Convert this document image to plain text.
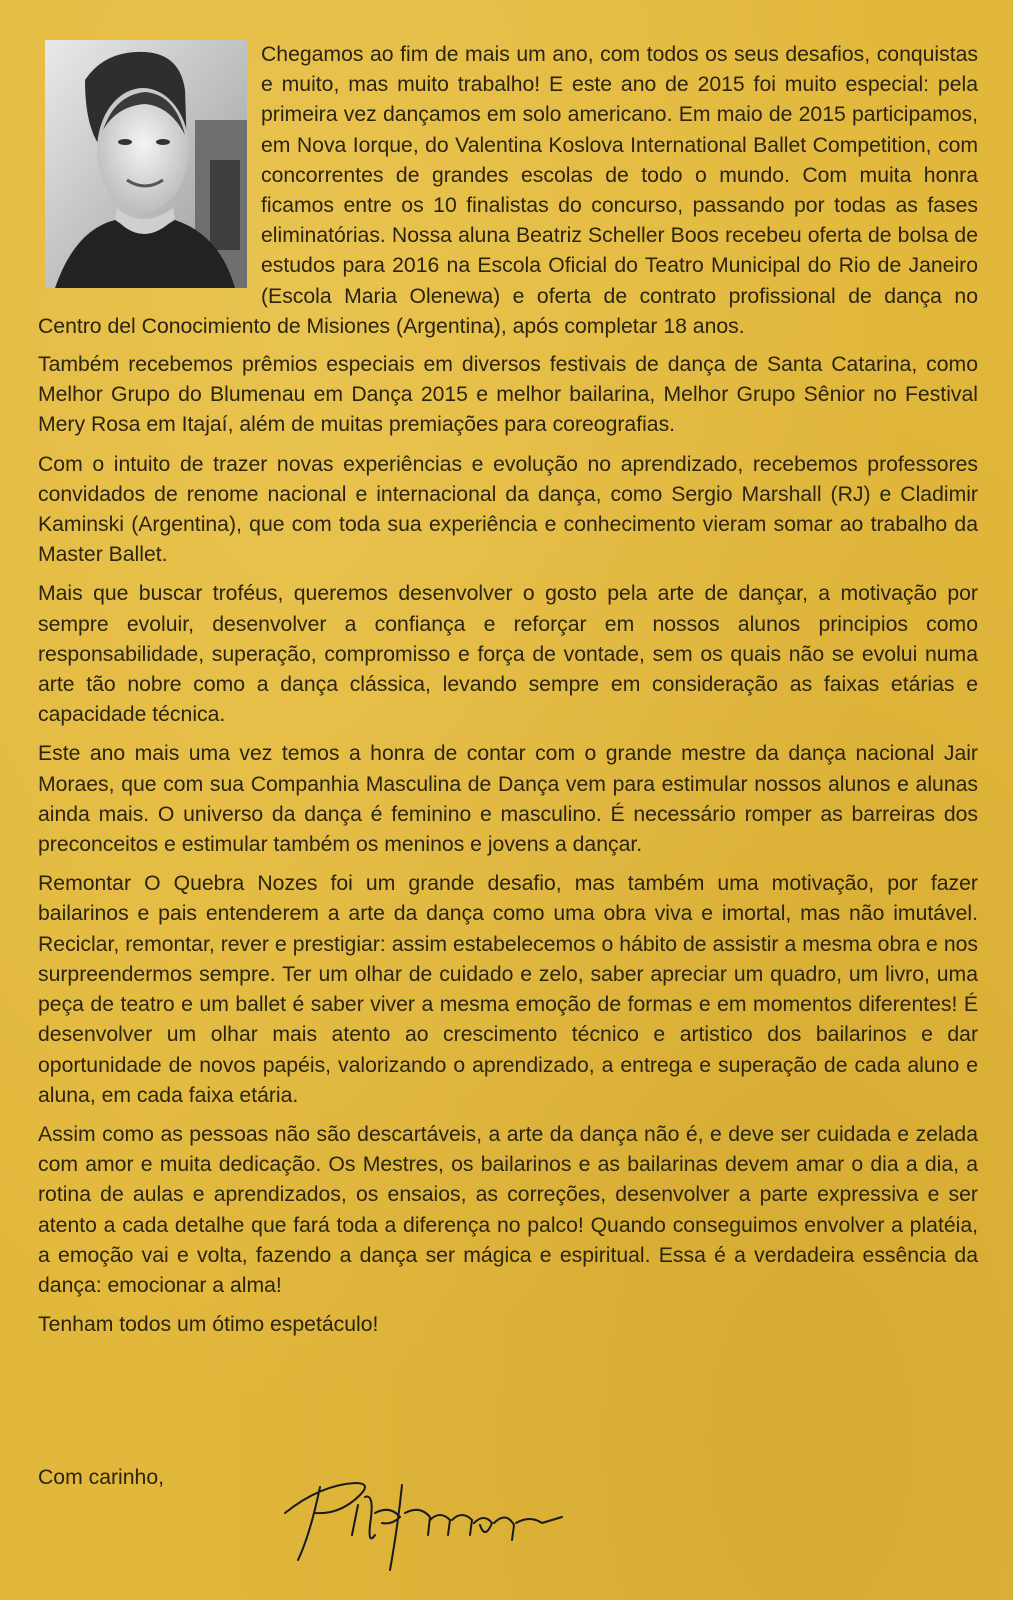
Chegamos ao fim de mais um ano, com todos os seus desafios, conquistas e muito, mas muito trabalho! E este ano de 2015 foi muito especial: pela primeira vez dançamos em solo americano. Em maio de 2015 participamos, em Nova Iorque, do Valentina Koslova International Ballet Competition, com concorrentes de grandes escolas de todo o mundo. Com muita honra ficamos entre os 10 finalistas do concurso, passando por todas as fases eliminatórias. Nossa aluna Beatriz Scheller Boos recebeu oferta de bolsa de estudos para 2016 na Escola Oficial do Teatro Municipal do Rio de Janeiro (Escola Maria Olenewa) e oferta de contrato profissional de dança no Centro del Conocimiento de Misiones (Argentina), após completar 18 anos.

Também recebemos prêmios especiais em diversos festivais de dança de Santa Catarina, como Melhor Grupo do Blumenau em Dança 2015 e melhor bailarina, Melhor Grupo Sênior no Festival Mery Rosa em Itajaí, além de muitas premiações para coreografias.

Com o intuito de trazer novas experiências e evolução no aprendizado, recebemos professores convidados de renome nacional e internacional da dança, como Sergio Marshall (RJ) e Cladimir Kaminski (Argentina), que com toda sua experiência e conhecimento vieram somar ao trabalho da Master Ballet.

Mais que buscar troféus, queremos desenvolver o gosto pela arte de dançar, a motivação por sempre evoluir, desenvolver a confiança e reforçar em nossos alunos principios como responsabilidade, superação, compromisso e força de vontade, sem os quais não se evolui numa arte tão nobre como a dança clássica, levando sempre em consideração as faixas etárias e capacidade técnica.

Este ano mais uma vez temos a honra de contar com o grande mestre da dança nacional Jair Moraes, que com sua Companhia Masculina de Dança vem para estimular nossos alunos e alunas ainda mais. O universo da dança é feminino e masculino. É necessário romper as barreiras dos preconceitos e estimular também os meninos e jovens a dançar.

Remontar O Quebra Nozes foi um grande desafio, mas também uma motivação, por fazer bailarinos e pais entenderem a arte da dança como uma obra viva e imortal, mas não imutável. Reciclar, remontar, rever e prestigiar: assim estabelecemos o hábito de assistir a mesma obra e nos surpreendermos sempre. Ter um olhar de cuidado e zelo, saber apreciar um quadro, um livro, uma peça de teatro e um ballet é saber viver a mesma emoção de formas e em momentos diferentes! É desenvolver um olhar mais atento ao crescimento técnico e artistico dos bailarinos e dar oportunidade de novos papéis, valorizando o aprendizado, a entrega e superação de cada aluno e aluna, em cada faixa etária.

Assim como as pessoas não são descartáveis, a arte da dança não é, e deve ser cuidada e zelada com amor e muita dedicação. Os Mestres, os bailarinos e as bailarinas devem amar o dia a dia, a rotina de aulas e aprendizados, os ensaios, as correções, desenvolver a parte expressiva e ser atento a cada detalhe que fará toda a diferença no palco! Quando conseguimos envolver a platéia, a emoção vai e volta, fazendo a dança ser mágica e espiritual. Essa é a verdadeira essência da dança: emocionar a alma!

Tenham todos um ótimo espetáculo!

Com carinho,
